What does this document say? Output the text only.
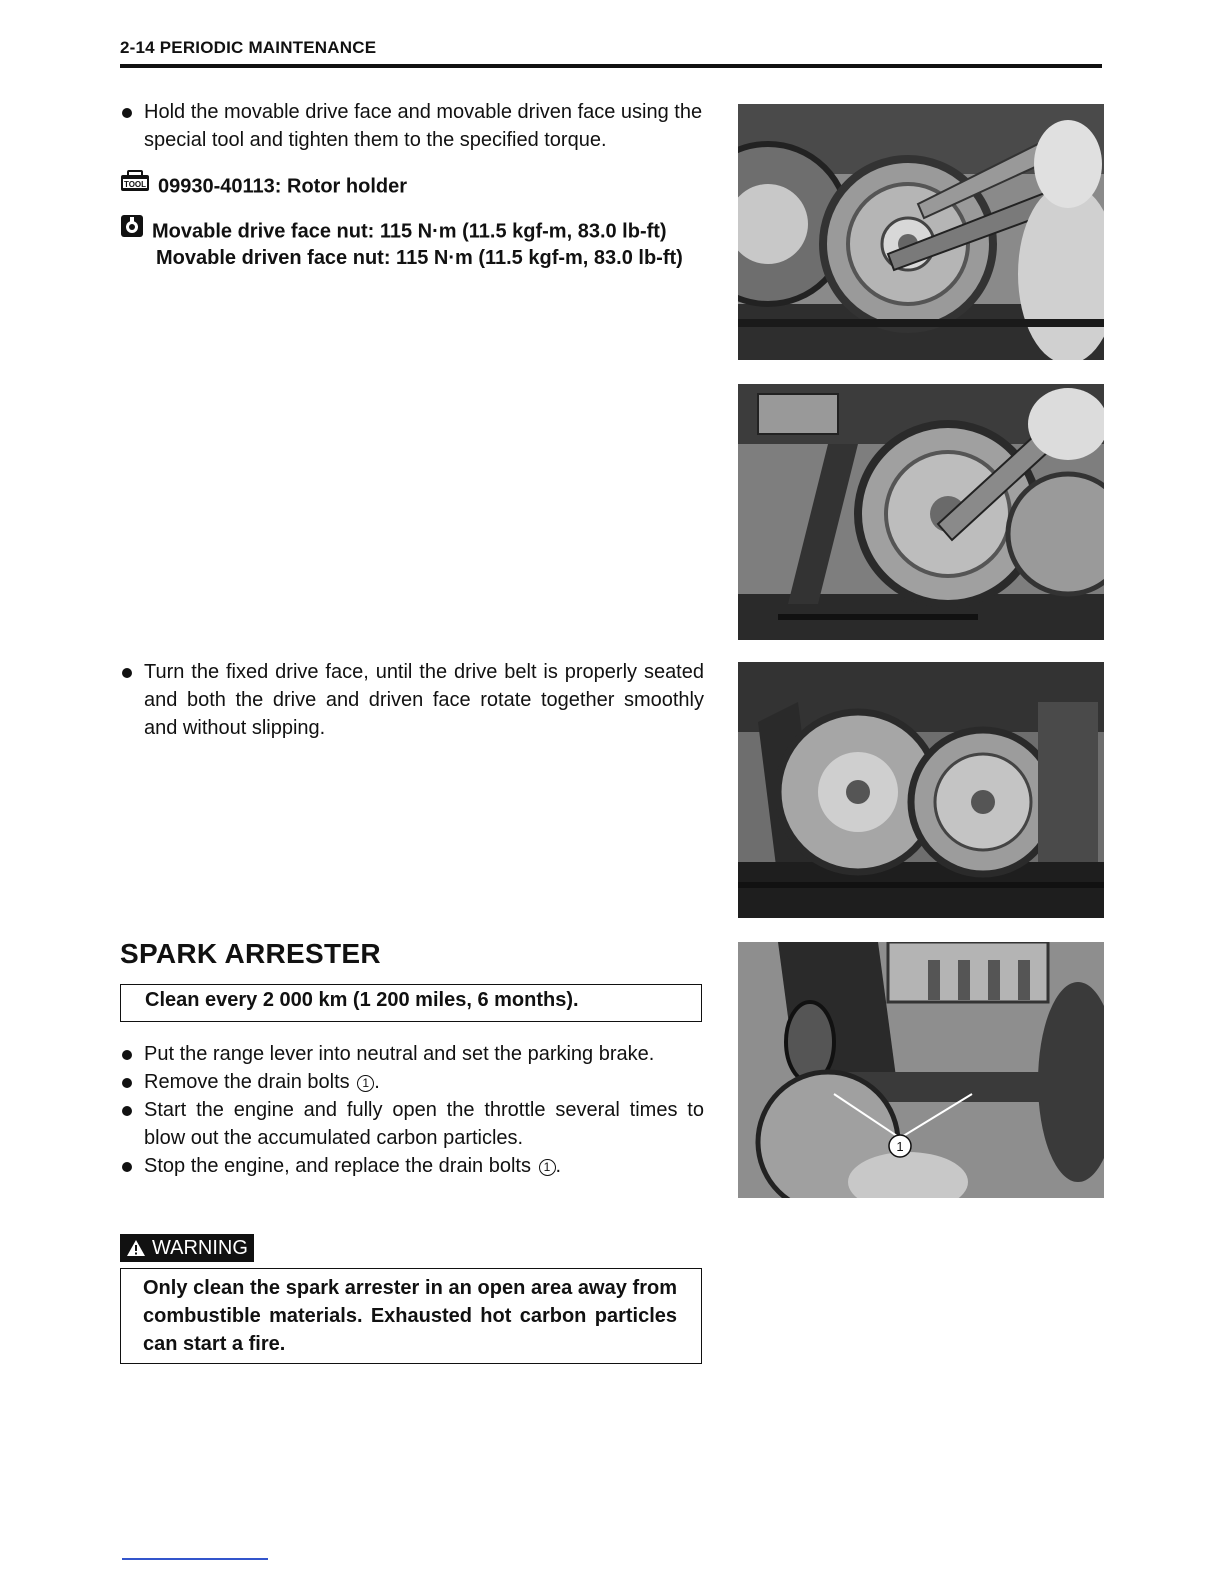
2-14 PERIODIC MAINTENANCE
Hold the movable drive face and movable driven face using the special tool and tighten them to the specified torque.
TOOL 09930-40113: Rotor holder
Movable drive face nut: 115 N·m (11.5 kgf-m, 83.0 lb-ft)
Movable driven face nut: 115 N·m (11.5 kgf-m, 83.0 lb-ft)
Turn the fixed drive face, until the drive belt is properly seated and both the drive and driven face rotate together smoothly and without slipping.
SPARK ARRESTER
Clean every 2 000 km (1 200 miles, 6 months).
Put the range lever into neutral and set the parking brake.
Remove the drain bolts 1 .
Start the engine and fully open the throttle several times to blow out the accumulated carbon particles.
Stop the engine, and replace the drain bolts 1 .
WARNING
Only clean the spark arrester in an open area away from combustible materials. Exhausted hot carbon particles can start a fire.
1
